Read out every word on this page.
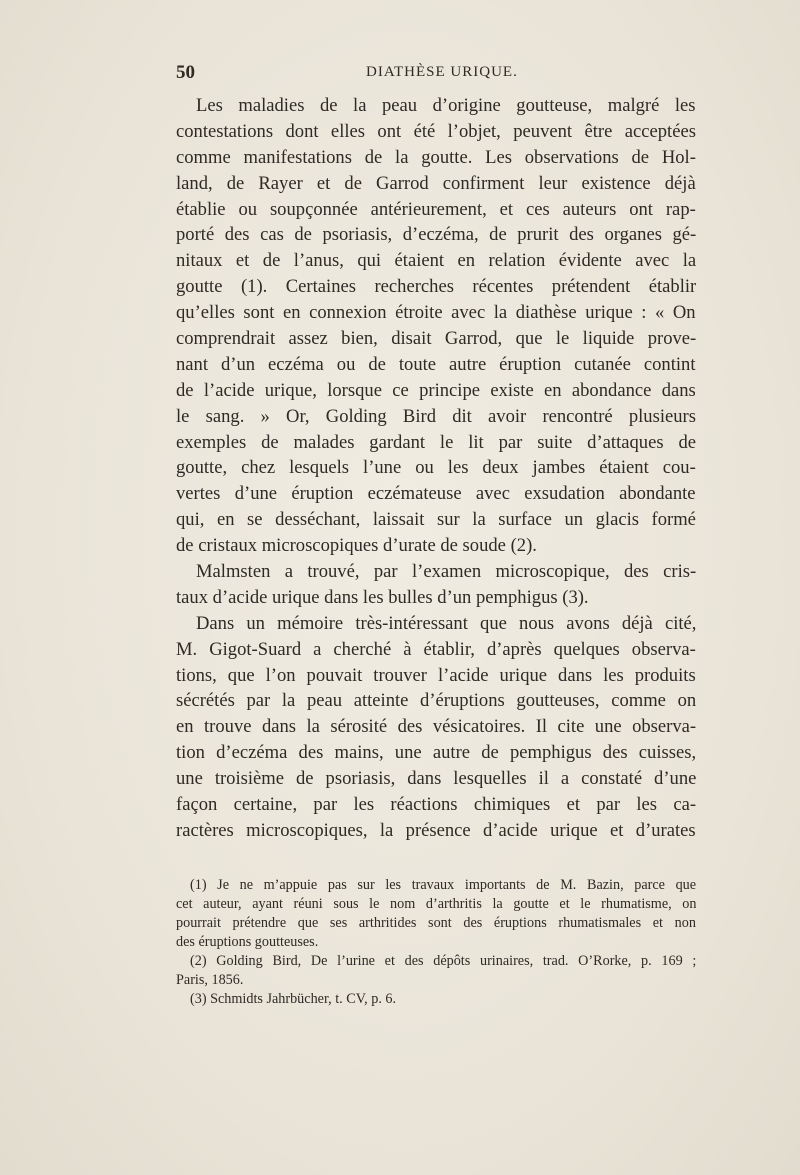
50	DIATHÈSE URIQUE.
Les maladies de la peau d’origine goutteuse, malgré les
contestations dont elles ont été l’objet, peuvent être acceptées
comme manifestations de la goutte. Les observations de Hol-
land, de Rayer et de Garrod confirment leur existence déjà
établie ou soupçonnée antérieurement, et ces auteurs ont rap-
porté des cas de psoriasis, d’eczéma, de prurit des organes gé-
nitaux et de l’anus, qui étaient en relation évidente avec la
goutte (1). Certaines recherches récentes prétendent établir
qu’elles sont en connexion étroite avec la diathèse urique : « On
comprendrait assez bien, disait Garrod, que le liquide prove-
nant d’un eczéma ou de toute autre éruption cutanée contint
de l’acide urique, lorsque ce principe existe en abondance dans
le sang. » Or, Golding Bird dit avoir rencontré plusieurs
exemples de malades gardant le lit par suite d’attaques de
goutte, chez lesquels l’une ou les deux jambes étaient cou-
vertes d’une éruption eczémateuse avec exsudation abondante
qui, en se desséchant, laissait sur la surface un glacis formé
de cristaux microscopiques d’urate de soude (2).
Malmsten a trouvé, par l’examen microscopique, des cris-
taux d’acide urique dans les bulles d’un pemphigus (3).
Dans un mémoire très-intéressant que nous avons déjà cité,
M. Gigot-Suard a cherché à établir, d’après quelques observa-
tions, que l’on pouvait trouver l’acide urique dans les produits
sécrétés par la peau atteinte d’éruptions goutteuses, comme on
en trouve dans la sérosité des vésicatoires. Il cite une observa-
tion d’eczéma des mains, une autre de pemphigus des cuisses,
une troisième de psoriasis, dans lesquelles il a constaté d’une
façon certaine, par les réactions chimiques et par les ca-
ractères microscopiques, la présence d’acide urique et d’urates
(1) Je ne m’appuie pas sur les travaux importants de M. Bazin, parce que
cet auteur, ayant réuni sous le nom d’arthritis la goutte et le rhumatisme, on
pourrait prétendre que ses arthritides sont des éruptions rhumatismales et non
des éruptions goutteuses.
(2) Golding Bird, De l’urine et des dépôts urinaires, trad. O’Rorke, p. 169 ;
Paris, 1856.
(3) Schmidts Jahrbücher, t. CV, p. 6.
